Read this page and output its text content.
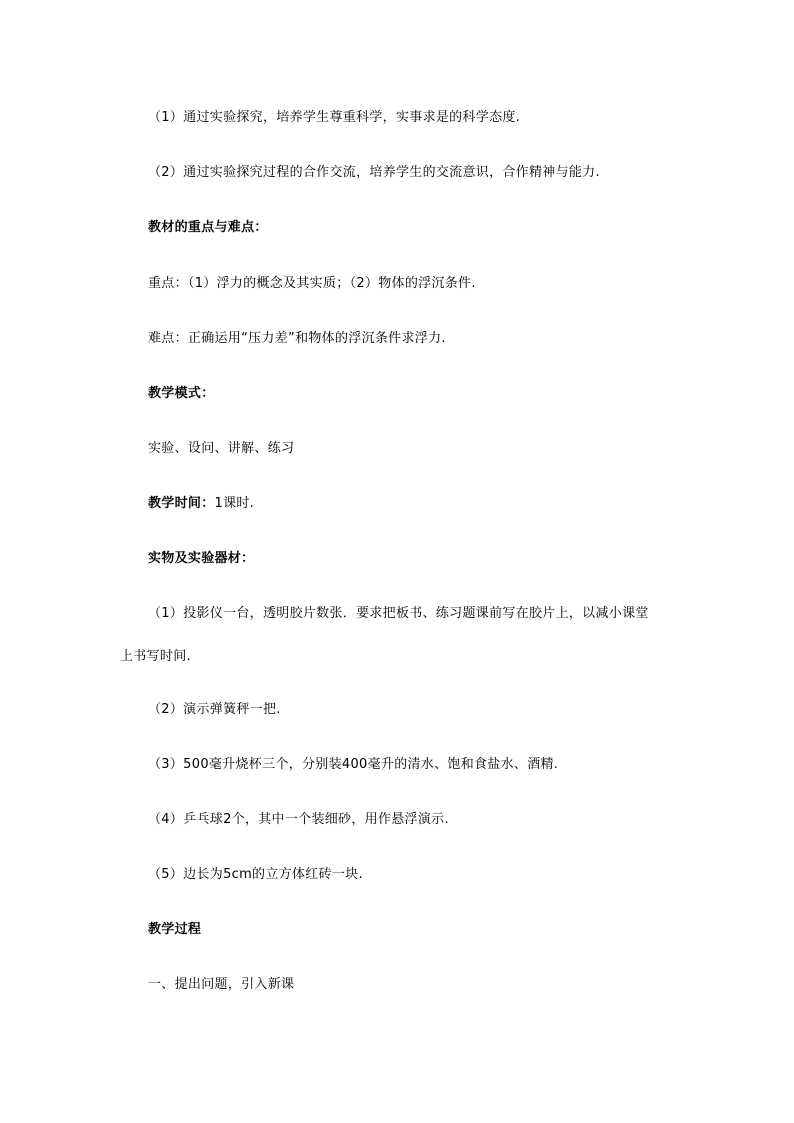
（1）通过实验探究，培养学生尊重科学，实事求是的科学态度.
（2）通过实验探究过程的合作交流，培养学生的交流意识，合作精神与能力.
教材的重点与难点：
重点：（1）浮力的概念及其实质；（2）物体的浮沉条件.
难点：正确运用“压力差”和物体的浮沉条件求浮力.
教学模式：
实验、设问、讲解、练习
教学时间：1课时.
实物及实验器材：
（1）投影仪一台，透明胶片数张．要求把板书、练习题课前写在胶片上，以减小课堂
上书写时间.
（2）演示弹簧秤一把.
（3）500毫升烧杯三个，分别装400毫升的清水、饱和食盐水、酒精.
（4）乒乓球2个，其中一个装细砂，用作悬浮演示.
（5）边长为5cm的立方体红砖一块.
教学过程
一、提出问题，引入新课
